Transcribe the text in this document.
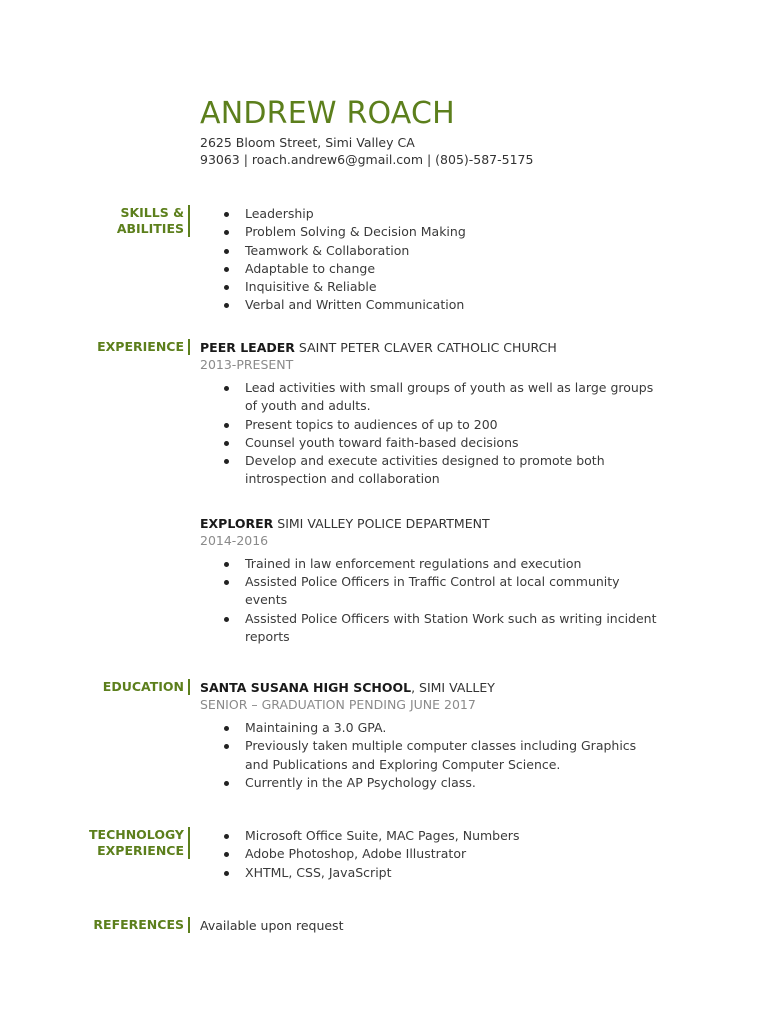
ANDREW ROACH
2625 Bloom Street, Simi Valley CA
93063 | roach.andrew6@gmail.com | (805)-587-5175
SKILLS &
ABILITIES
Leadership
Problem Solving & Decision Making
Teamwork & Collaboration
Adaptable to change
Inquisitive & Reliable
Verbal and Written Communication
EXPERIENCE PEER LEADER SAINT PETER CLAVER CATHOLIC CHURCH
2013-PRESENT
Lead activities with small groups of youth as well as large groups of youth and adults.
Present topics to audiences of up to 200
Counsel youth toward faith-based decisions
Develop and execute activities designed to promote both introspection and collaboration
EXPLORER SIMI VALLEY POLICE DEPARTMENT
2014-2016
Trained in law enforcement regulations and execution
Assisted Police Officers in Traffic Control at local community events
Assisted Police Officers with Station Work such as writing incident reports
EDUCATION SANTA SUSANA HIGH SCHOOL, SIMI VALLEY
SENIOR – GRADUATION PENDING JUNE 2017
Maintaining a 3.0 GPA.
Previously taken multiple computer classes including Graphics and Publications and Exploring Computer Science.
Currently in the AP Psychology class.
TECHNOLOGY
EXPERIENCE
Microsoft Office Suite, MAC Pages, Numbers
Adobe Photoshop, Adobe Illustrator
XHTML, CSS, JavaScript
REFERENCES Available upon request
